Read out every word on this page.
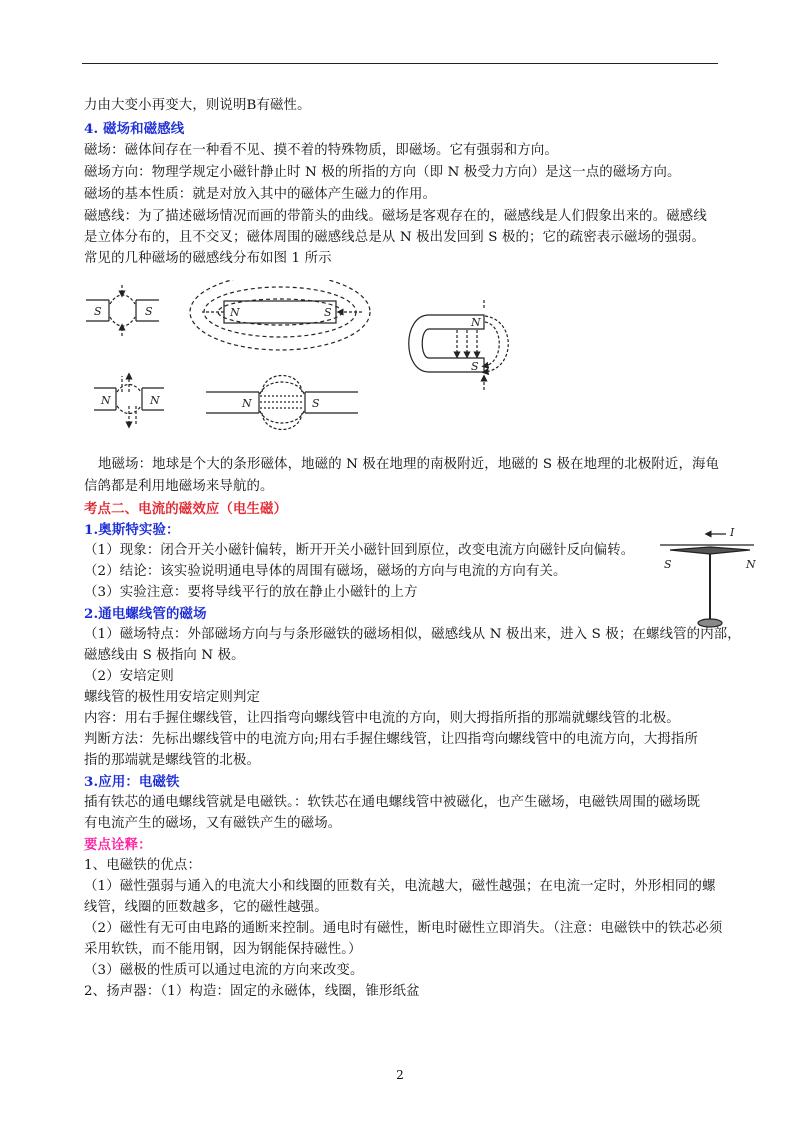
力由大变小再变大，则说明B有磁性。
4. 磁场和磁感线
磁场：磁体间存在一种看不见、摸不着的特殊物质，即磁场。它有强弱和方向。
磁场方向：物理学规定小磁针静止时 N 极的所指的方向（即 N 极受力方向）是这一点的磁场方向。
磁场的基本性质：就是对放入其中的磁体产生磁力的作用。
磁感线：为了描述磁场情况而画的带箭头的曲线。磁场是客观存在的，磁感线是人们假象出来的。磁感线
是立体分布的，且不交叉；磁体周围的磁感线总是从 N 极出发回到 S 极的；它的疏密表示磁场的强弱。
常见的几种磁场的磁感线分布如图 1 所示
S	S	N	S
N
S
N	N	N	S
地磁场：地球是个大的条形磁体，地磁的 N 极在地理的南极附近，地磁的 S 极在地理的北极附近，海龟
信鸽都是利用地磁场来导航的。
考点二、电流的磁效应（电生磁）
1.奥斯特实验：
（1）现象：闭合开关小磁针偏转，断开开关小磁针回到原位，改变电流方向磁针反向偏转。
（2）结论：该实验说明通电导体的周围有磁场，磁场的方向与电流的方向有关。
（3）实验注意：要将导线平行的放在静止小磁针的上方
I
S	N
2.通电螺线管的磁场
（1）磁场特点：外部磁场方向与与条形磁铁的磁场相似，磁感线从 N 极出来，进入 S 极；在螺线管的内部，
磁感线由 S 极指向 N 极。
（2）安培定则
螺线管的极性用安培定则判定
内容：用右手握住螺线管，让四指弯向螺线管中电流的方向，则大拇指所指的那端就螺线管的北极。
判断方法：先标出螺线管中的电流方向;用右手握住螺线管，让四指弯向螺线管中的电流方向，大拇指所
指的那端就是螺线管的北极。
3.应用：电磁铁
插有铁芯的通电螺线管就是电磁铁。：软铁芯在通电螺线管中被磁化，也产生磁场，电磁铁周围的磁场既
有电流产生的磁场，又有磁铁产生的磁场。
要点诠释：
1、电磁铁的优点：
（1）磁性强弱与通入的电流大小和线圈的匝数有关，电流越大，磁性越强；在电流一定时，外形相同的螺
线管，线圈的匝数越多，它的磁性越强。
（2）磁性有无可由电路的通断来控制。通电时有磁性，断电时磁性立即消失。（注意：电磁铁中的铁芯必须
采用软铁，而不能用钢，因为钢能保持磁性。）
（3）磁极的性质可以通过电流的方向来改变。
2、扬声器：（1）构造：固定的永磁体，线圈，锥形纸盆
2
